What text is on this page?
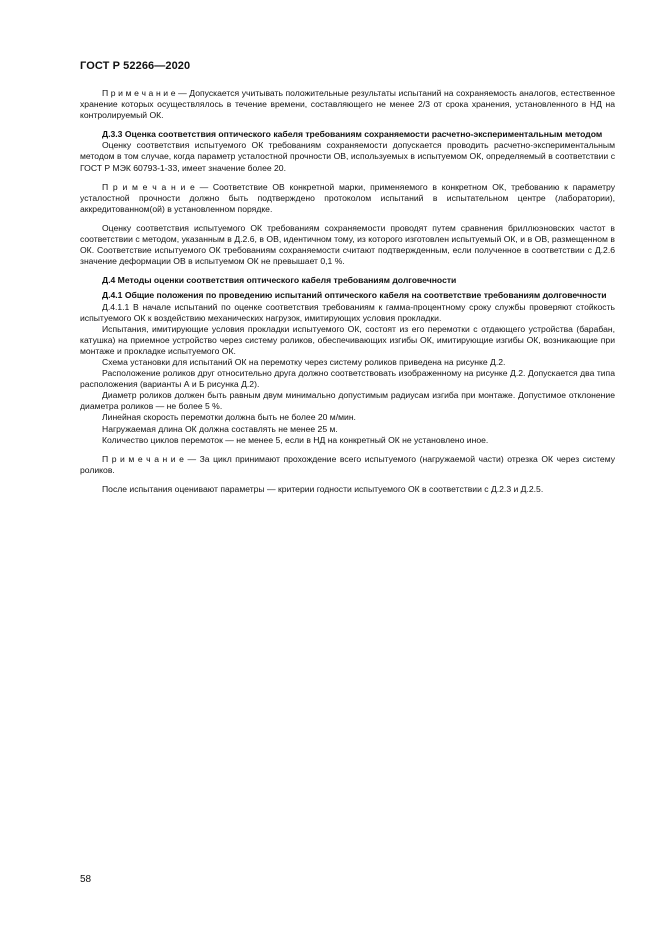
ГОСТ Р 52266—2020

П р и м е ч а н и е — Допускается учитывать положительные результаты испытаний на сохраняемость аналогов, естественное хранение которых осуществлялось в течение времени, составляющего не менее 2/3 от срока хранения, установленного в НД на контролируемый ОК.

Д.3.3 Оценка соответствия оптического кабеля требованиям сохраняемости расчетно-экспериментальным методом

Оценку соответствия испытуемого ОК требованиям сохраняемости допускается проводить расчетно-экспериментальным методом в том случае, когда параметр усталостной прочности ОВ, используемых в испытуемом ОК, определяемый в соответствии с ГОСТ Р МЭК 60793-1-33, имеет значение более 20.

П р и м е ч а н и е — Соответствие ОВ конкретной марки, применяемого в конкретном ОК, требованию к параметру усталостной прочности должно быть подтверждено протоколом испытаний в испытательном центре (лаборатории), аккредитованном(ой) в установленном порядке.

Оценку соответствия испытуемого ОК требованиям сохраняемости проводят путем сравнения бриллюэновских частот в соответствии с методом, указанным в Д.2.6, в ОВ, идентичном тому, из которого изготовлен испытуемый ОК, и в ОВ, размещенном в ОК. Соответствие испытуемого ОК требованиям сохраняемости считают подтвержденным, если полученное в соответствии с Д.2.6 значение деформации ОВ в испытуемом ОК не превышает 0,1 %.

Д.4 Методы оценки соответствия оптического кабеля требованиям долговечности

Д.4.1 Общие положения по проведению испытаний оптического кабеля на соответствие требованиям долговечности

Д.4.1.1 В начале испытаний по оценке соответствия требованиям к гамма-процентному сроку службы проверяют стойкость испытуемого ОК к воздействию механических нагрузок, имитирующих условия прокладки.

Испытания, имитирующие условия прокладки испытуемого ОК, состоят из его перемотки с отдающего устройства (барабан, катушка) на приемное устройство через систему роликов, обеспечивающих изгибы ОК, имитирующие изгибы ОК, возникающие при монтаже и прокладке испытуемого ОК.

Схема установки для испытаний ОК на перемотку через систему роликов приведена на рисунке Д.2.

Расположение роликов друг относительно друга должно соответствовать изображенному на рисунке Д.2. Допускается два типа расположения (варианты А и Б рисунка Д.2).

Диаметр роликов должен быть равным двум минимально допустимым радиусам изгиба при монтаже. Допустимое отклонение диаметра роликов — не более 5 %.

Линейная скорость перемотки должна быть не более 20 м/мин.

Нагружаемая длина ОК должна составлять не менее 25 м.

Количество циклов перемоток — не менее 5, если в НД на конкретный ОК не установлено иное.

П р и м е ч а н и е — За цикл принимают прохождение всего испытуемого (нагружаемой части) отрезка ОК через систему роликов.

После испытания оценивают параметры — критерии годности испытуемого ОК в соответствии с Д.2.3 и Д.2.5.

58
